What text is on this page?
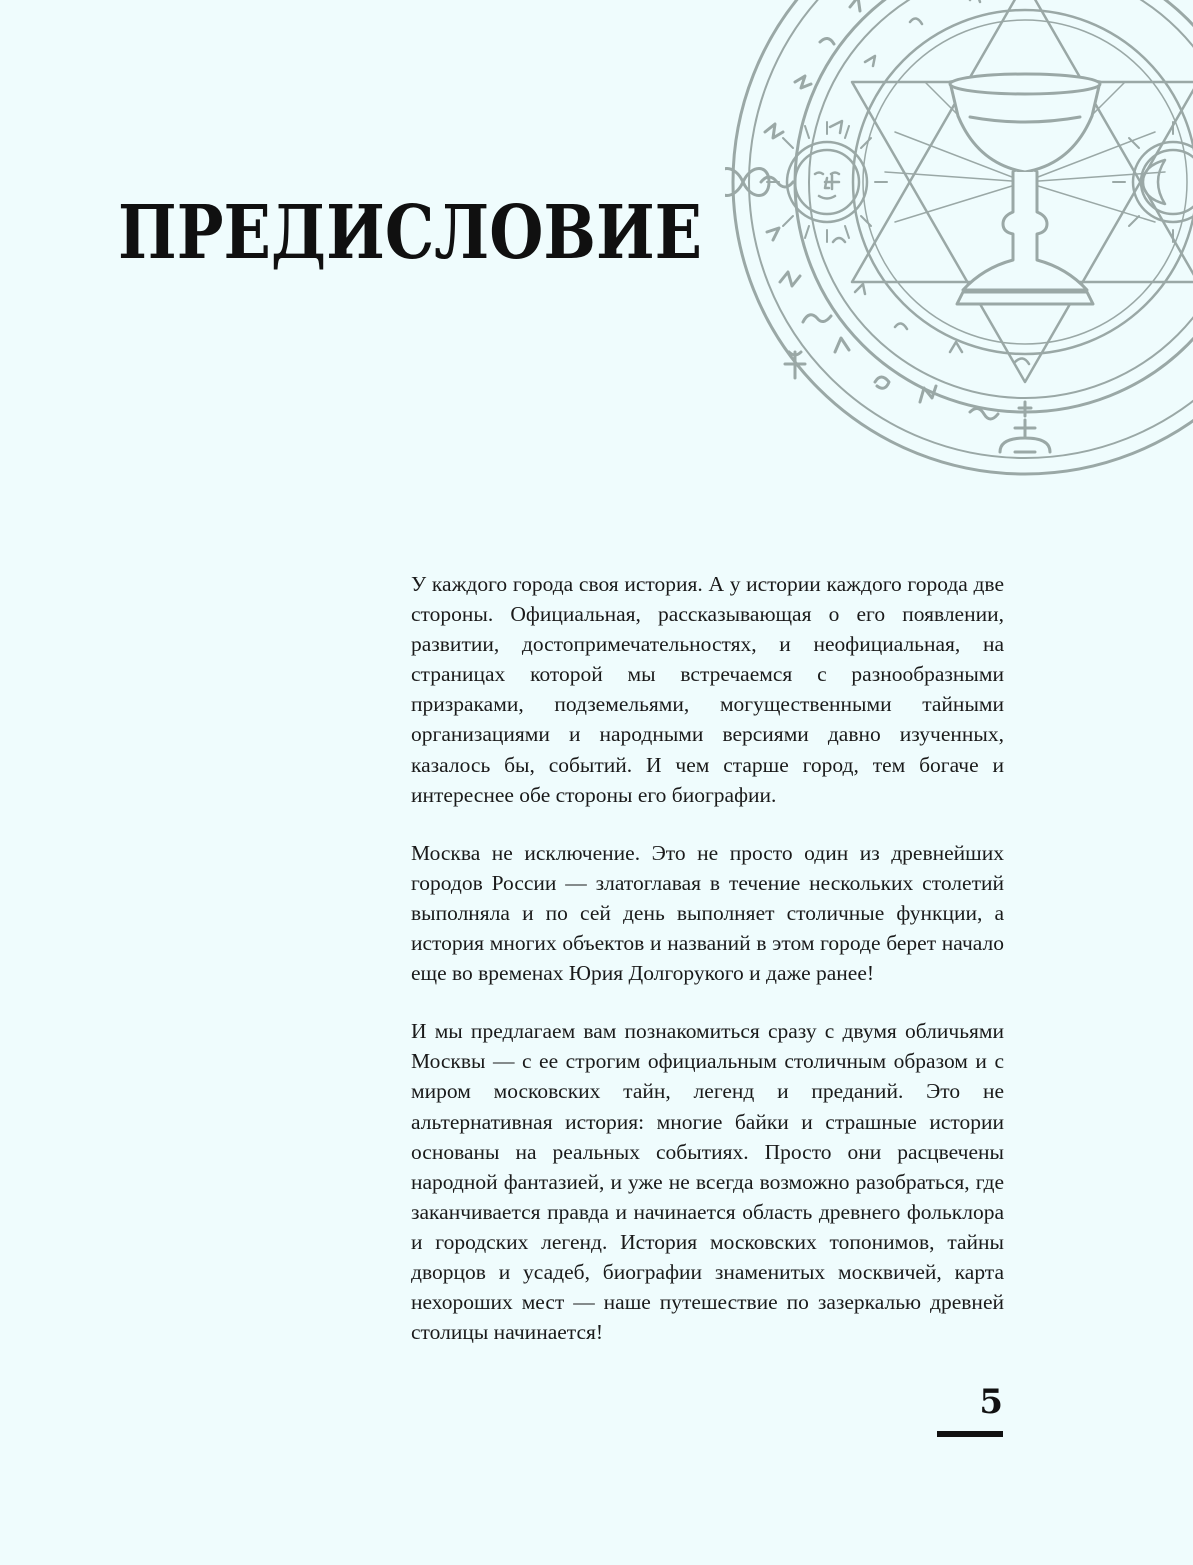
ПРЕДИСЛОВИЕ

У каждого города своя история. А у истории каждого города две стороны. Официальная, рассказывающая о его появлении, развитии, достопримечательностях, и неофициальная, на страницах которой мы встречаемся с разнообразными призраками, подземельями, могущественными тайными организациями и народными версиями давно изученных, казалось бы, событий. И чем старше город, тем богаче и интереснее обе стороны его биографии.

Москва не исключение. Это не просто один из древнейших городов России — златоглавая в течение нескольких столетий выполняла и по сей день выполняет столичные функции, а история многих объектов и названий в этом городе берет начало еще во временах Юрия Долгорукого и даже ранее!

И мы предлагаем вам познакомиться сразу с двумя обличьями Москвы — с ее строгим официальным столичным образом и с миром московских тайн, легенд и преданий. Это не альтернативная история: многие байки и страшные истории основаны на реальных событиях. Просто они расцвечены народной фантазией, и уже не всегда возможно разобраться, где заканчивается правда и начинается область древнего фольклора и городских легенд. История московских топонимов, тайны дворцов и усадеб, биографии знаменитых москвичей, карта нехороших мест — наше путешествие по зазеркалью древней столицы начинается!

5
